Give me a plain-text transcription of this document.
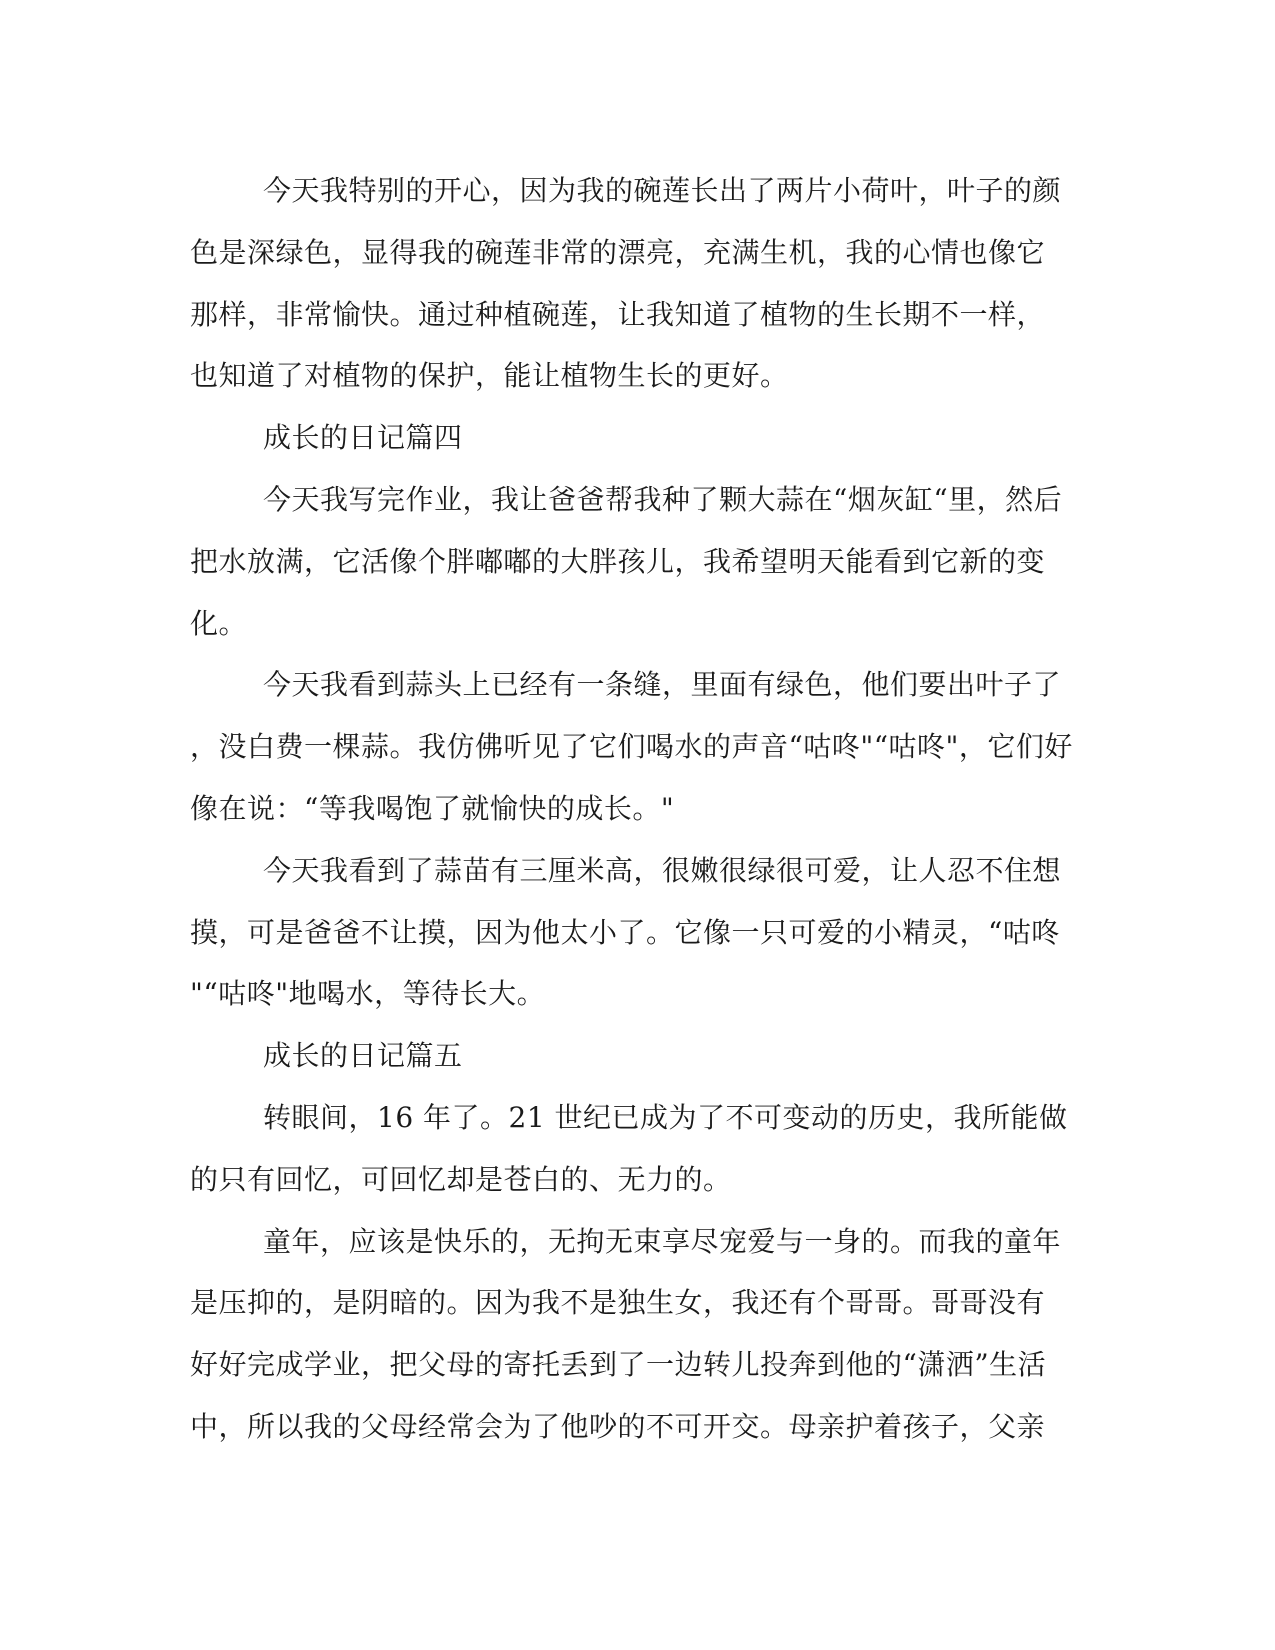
今天我特别的开心，因为我的碗莲长出了两片小荷叶，叶子的颜
色是深绿色，显得我的碗莲非常的漂亮，充满生机，我的心情也像它
那样，非常愉快。通过种植碗莲，让我知道了植物的生长期不一样，
也知道了对植物的保护，能让植物生长的更好。
成长的日记篇四
今天我写完作业，我让爸爸帮我种了颗大蒜在“烟灰缸“里，然后
把水放满，它活像个胖嘟嘟的大胖孩儿，我希望明天能看到它新的变
化。
今天我看到蒜头上已经有一条缝，里面有绿色，他们要出叶子了
，没白费一棵蒜。我仿佛听见了它们喝水的声音“咕咚"“咕咚"，它们好
像在说：“等我喝饱了就愉快的成长。"
今天我看到了蒜苗有三厘米高，很嫩很绿很可爱，让人忍不住想
摸，可是爸爸不让摸，因为他太小了。它像一只可爱的小精灵，“咕咚
"“咕咚"地喝水，等待长大。
成长的日记篇五
转眼间，16 年了。21 世纪已成为了不可变动的历史，我所能做
的只有回忆，可回忆却是苍白的、无力的。
童年，应该是快乐的，无拘无束享尽宠爱与一身的。而我的童年
是压抑的，是阴暗的。因为我不是独生女，我还有个哥哥。哥哥没有
好好完成学业，把父母的寄托丢到了一边转儿投奔到他的“潇洒”生活
中，所以我的父母经常会为了他吵的不可开交。母亲护着孩子，父亲
